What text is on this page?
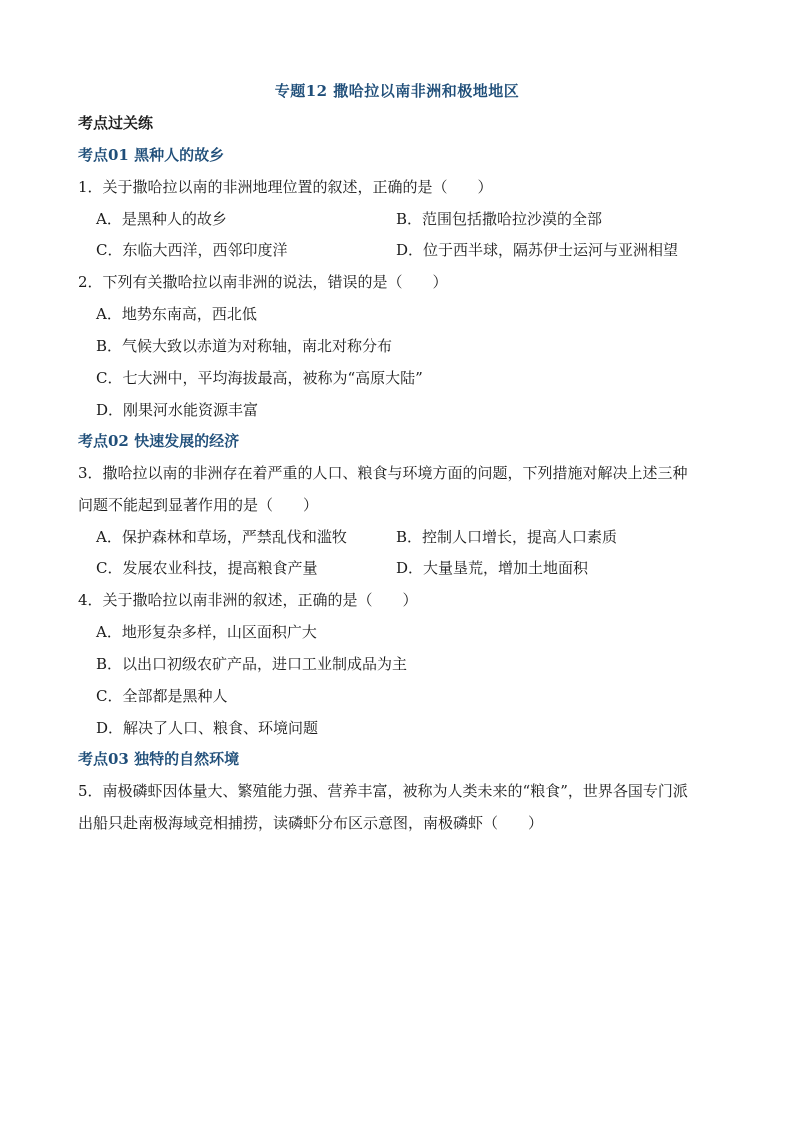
专题12 撒哈拉以南非洲和极地地区
考点过关练
考点01 黑种人的故乡
1．关于撒哈拉以南的非洲地理位置的叙述，正确的是（　　）
A．是黑种人的故乡	B．范围包括撒哈拉沙漠的全部
C．东临大西洋，西邻印度洋	D．位于西半球，隔苏伊士运河与亚洲相望
2．下列有关撒哈拉以南非洲的说法，错误的是（　　）
A．地势东南高，西北低
B．气候大致以赤道为对称轴，南北对称分布
C．七大洲中，平均海拔最高，被称为“高原大陆”
D．刚果河水能资源丰富
考点02 快速发展的经济
3．撒哈拉以南的非洲存在着严重的人口、粮食与环境方面的问题，下列措施对解决上述三种
问题不能起到显著作用的是（　　）
A．保护森林和草场，严禁乱伐和滥牧	B．控制人口增长，提高人口素质
C．发展农业科技，提高粮食产量	D．大量垦荒，增加土地面积
4．关于撒哈拉以南非洲的叙述，正确的是（　　）
A．地形复杂多样，山区面积广大
B．以出口初级农矿产品，进口工业制成品为主
C．全部都是黑种人
D．解决了人口、粮食、环境问题
考点03 独特的自然环境
5．南极磷虾因体量大、繁殖能力强、营养丰富，被称为人类未来的“粮食”，世界各国专门派
出船只赴南极海域竞相捕捞，读磷虾分布区示意图，南极磷虾（　　）
